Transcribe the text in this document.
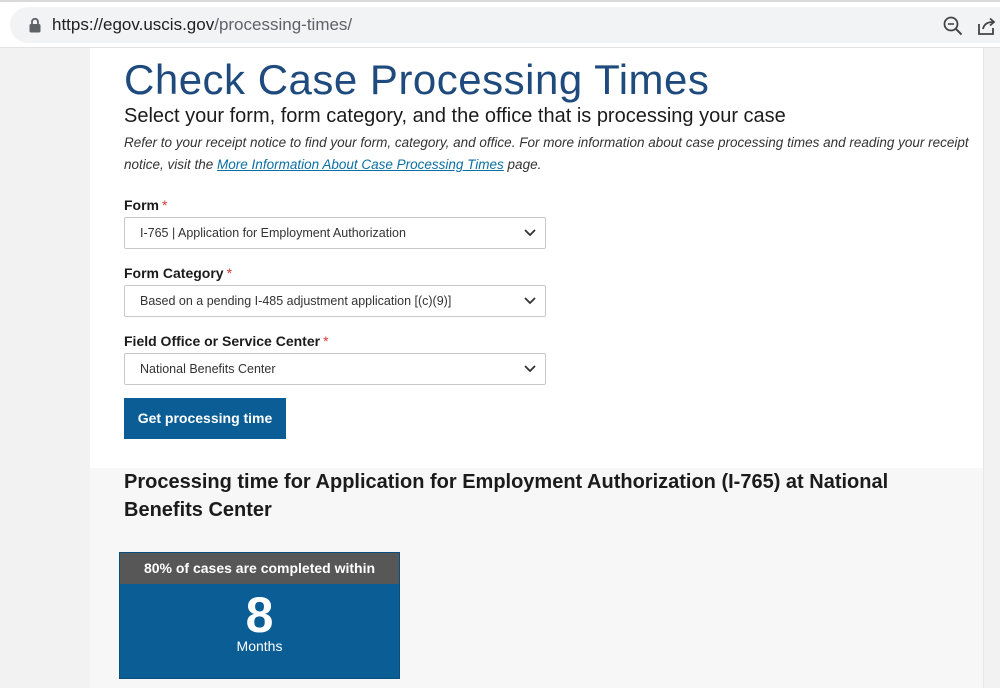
https://egov.uscis.gov/processing-times/
Check Case Processing Times
Select your form, form category, and the office that is processing your case

Refer to your receipt notice to find your form, category, and office. For more information about case processing times and reading your receipt notice, visit the More Information About Case Processing Times page.

Form *
I-765 | Application for Employment Authorization
Form Category *
Based on a pending I-485 adjustment application [(c)(9)]
Field Office or Service Center *
National Benefits Center
Get processing time
Processing time for Application for Employment Authorization (I-765) at National Benefits Center
80% of cases are completed within
8
Months
